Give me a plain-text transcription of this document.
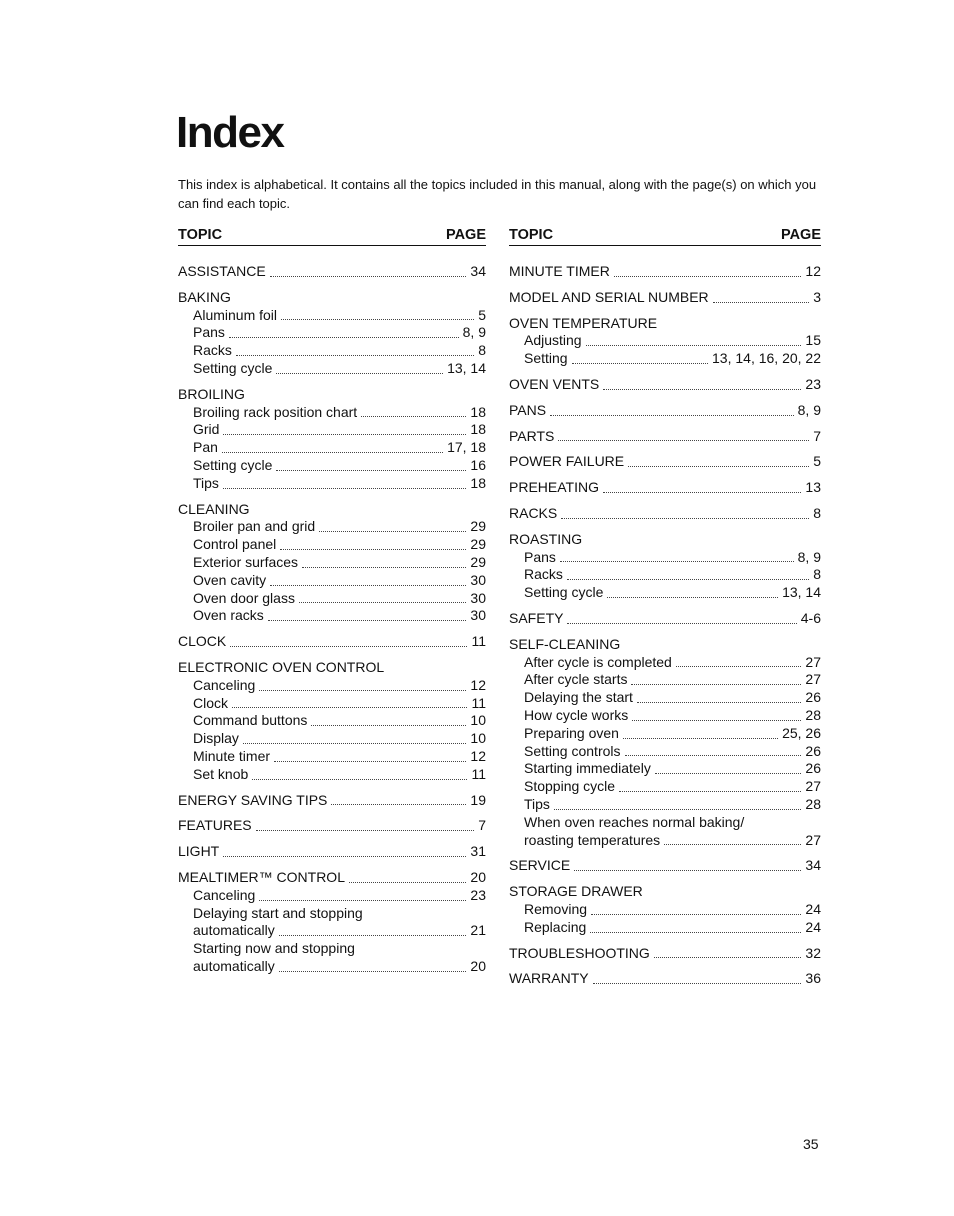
Index
This index is alphabetical. It contains all the topics included in this manual, along with the page(s) on which you can find each topic.
TOPIC	PAGE
ASSISTANCE	34
BAKING
Aluminum foil	5
Pans	8, 9
Racks	8
Setting cycle	13, 14
BROILING
Broiling rack position chart	18
Grid	18
Pan	17, 18
Setting cycle	16
Tips	18
CLEANING
Broiler pan and grid	29
Control panel	29
Exterior surfaces	29
Oven cavity	30
Oven door glass	30
Oven racks	30
CLOCK	11
ELECTRONIC OVEN CONTROL
Canceling	12
Clock	11
Command buttons	10
Display	10
Minute timer	12
Set knob	11
ENERGY SAVING TIPS	19
FEATURES	7
LIGHT	31
MEALTIMER™ CONTROL	20
Canceling	23
Delaying start and stopping
automatically	21
Starting now and stopping
automatically	20
TOPIC	PAGE
MINUTE TIMER	12
MODEL AND SERIAL NUMBER	3
OVEN TEMPERATURE
Adjusting	15
Setting	13, 14, 16, 20, 22
OVEN VENTS	23
PANS	8, 9
PARTS	7
POWER FAILURE	5
PREHEATING	13
RACKS	8
ROASTING
Pans	8, 9
Racks	8
Setting cycle	13, 14
SAFETY	4-6
SELF-CLEANING
After cycle is completed	27
After cycle starts	27
Delaying the start	26
How cycle works	28
Preparing oven	25, 26
Setting controls	26
Starting immediately	26
Stopping cycle	27
Tips	28
When oven reaches normal baking/
roasting temperatures	27
SERVICE	34
STORAGE DRAWER
Removing	24
Replacing	24
TROUBLESHOOTING	32
WARRANTY	36
35
